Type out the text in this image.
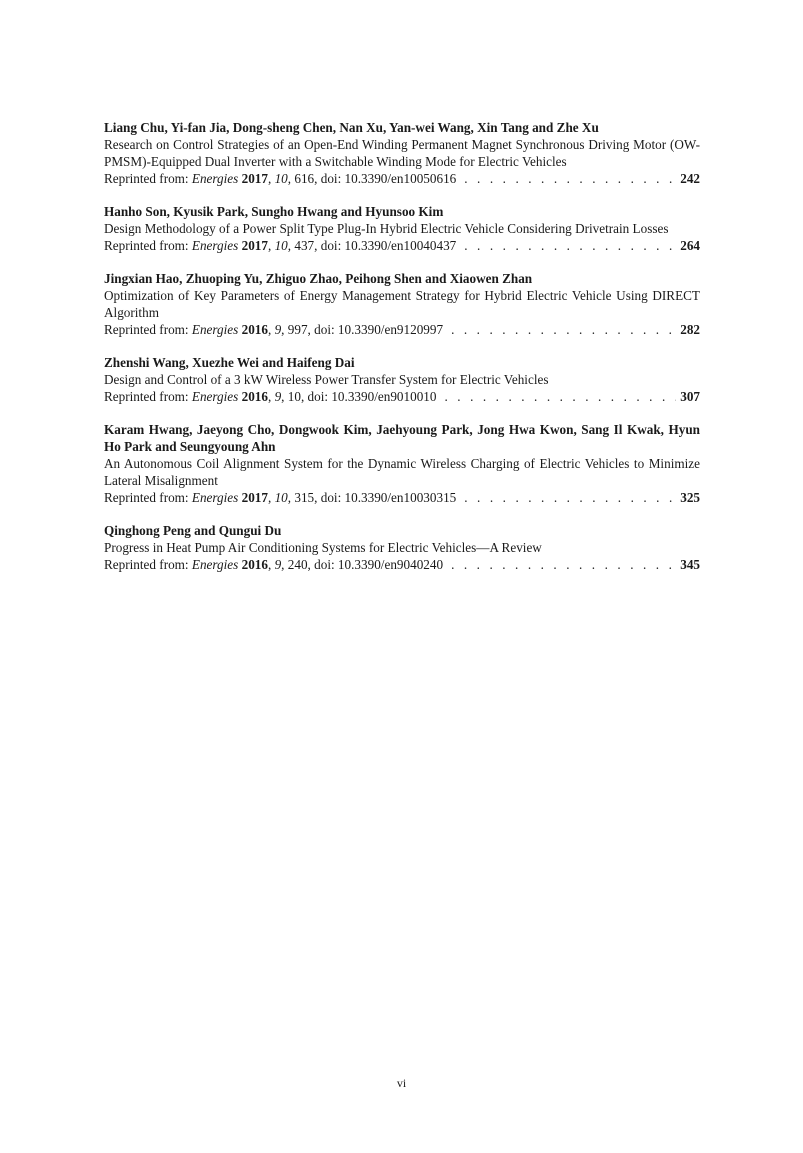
Liang Chu, Yi-fan Jia, Dong-sheng Chen, Nan Xu, Yan-wei Wang, Xin Tang and Zhe Xu
Research on Control Strategies of an Open-End Winding Permanent Magnet Synchronous Driving Motor (OW-PMSM)-Equipped Dual Inverter with a Switchable Winding Mode for Electric Vehicles
Reprinted from: Energies 2017, 10, 616, doi: 10.3390/en10050616 . . .	242
Hanho Son, Kyusik Park, Sungho Hwang and Hyunsoo Kim
Design Methodology of a Power Split Type Plug-In Hybrid Electric Vehicle Considering Drivetrain Losses
Reprinted from: Energies 2017, 10, 437, doi: 10.3390/en10040437 . . .	264
Jingxian Hao, Zhuoping Yu, Zhiguo Zhao, Peihong Shen and Xiaowen Zhan
Optimization of Key Parameters of Energy Management Strategy for Hybrid Electric Vehicle Using DIRECT Algorithm
Reprinted from: Energies 2016, 9, 997, doi: 10.3390/en9120997 . . .	282
Zhenshi Wang, Xuezhe Wei and Haifeng Dai
Design and Control of a 3 kW Wireless Power Transfer System for Electric Vehicles
Reprinted from: Energies 2016, 9, 10, doi: 10.3390/en9010010 . . .	307
Karam Hwang, Jaeyong Cho, Dongwook Kim, Jaehyoung Park, Jong Hwa Kwon, Sang Il Kwak, Hyun Ho Park and Seungyoung Ahn
An Autonomous Coil Alignment System for the Dynamic Wireless Charging of Electric Vehicles to Minimize Lateral Misalignment
Reprinted from: Energies 2017, 10, 315, doi: 10.3390/en10030315 . . .	325
Qinghong Peng and Qungui Du
Progress in Heat Pump Air Conditioning Systems for Electric Vehicles—A Review
Reprinted from: Energies 2016, 9, 240, doi: 10.3390/en9040240 . . .	345
vi
